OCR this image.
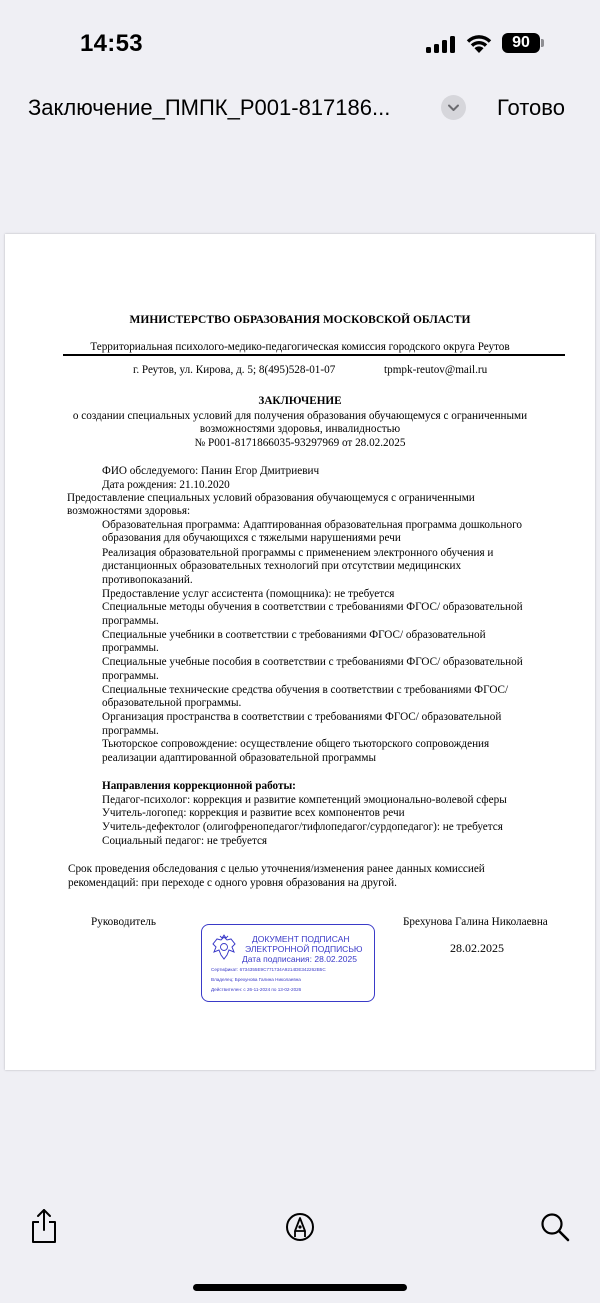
14:53	90
Заключение_ПМПК_Р001-817186...	Готово
МИНИСТЕРСТВО ОБРАЗОВАНИЯ МОСКОВСКОЙ ОБЛАСТИ
Территориальная психолого-медико-педагогическая комиссия городского округа Реутов
г. Реутов, ул. Кирова, д. 5; 8(495)528-01-07	tpmpk-reutov@mail.ru
ЗАКЛЮЧЕНИЕ
о создании специальных условий для получения образования обучающемуся с ограниченными
возможностями здоровья, инвалидностью
№ Р001-8171866035-93297969 от 28.02.2025
ФИО обследуемого: Панин Егор Дмитриевич
Дата рождения: 21.10.2020
Предоставление специальных условий образования обучающемуся с ограниченными
возможностями здоровья:
Образовательная программа: Адаптированная образовательная программа дошкольного
образования для обучающихся с тяжелыми нарушениями речи
Реализация образовательной программы с применением электронного обучения и
дистанционных образовательных технологий при отсутствии медицинских
противопоказаний.
Предоставление услуг ассистента (помощника): не требуется
Специальные методы обучения в соответствии с требованиями ФГОС/ образовательной
программы.
Специальные учебники в соответствии с требованиями ФГОС/ образовательной
программы.
Специальные учебные пособия в соответствии с требованиями ФГОС/ образовательной
программы.
Специальные технические средства обучения в соответствии с требованиями ФГОС/
образовательной программы.
Организация пространства в соответствии с требованиями ФГОС/ образовательной
программы.
Тьюторское сопровождение: осуществление общего тьюторского сопровождения
реализации адаптированной образовательной программы
Направления коррекционной работы:
Педагог-психолог: коррекция и развитие компетенций эмоционально-волевой сферы
Учитель-логопед: коррекция и развитие всех компонентов речи
Учитель-дефектолог (олигофренопедагог/тифлопедагог/сурдопедагог): не требуется
Социальный педагог: не требуется
Срок проведения обследования с целью уточнения/изменения ранее данных комиссией
рекомендаций: при переходе с одного уровня образования на другой.
Руководитель	Брехунова Галина Николаевна
28.02.2025
ДОКУМЕНТ ПОДПИСАН
ЭЛЕКТРОННОЙ ПОДПИСЬЮ
Дата подписания: 28.02.2025
Сертификат: 6734355E9C771734A9214DE342262B5C
Владелец: Брехунова Галина Николаевна
Действителен: с 26-11-2024 по 13-02-2026
